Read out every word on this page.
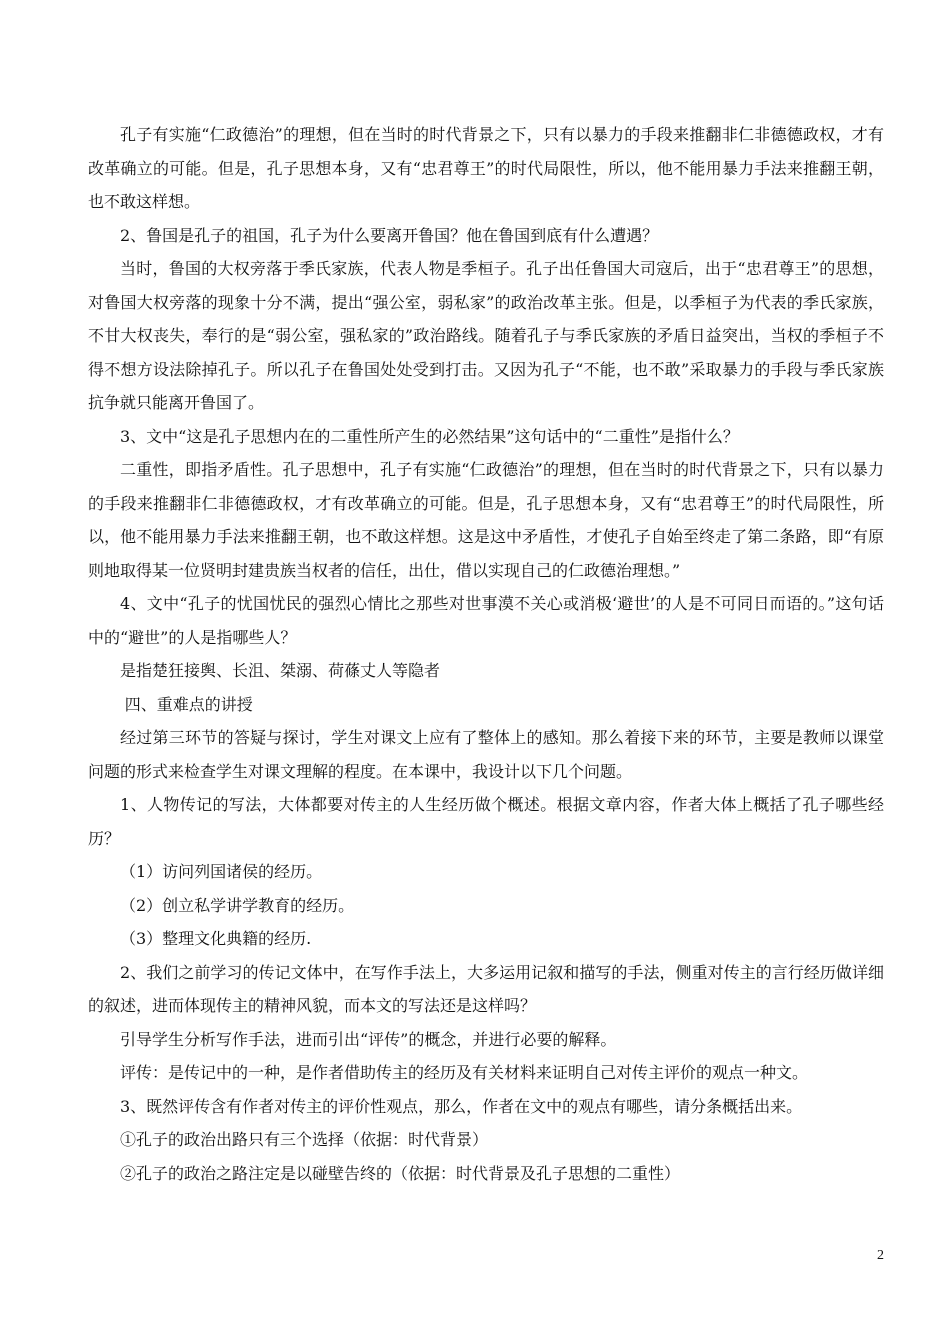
孔子有实施“仁政德治”的理想，但在当时的时代背景之下，只有以暴力的手段来推翻非仁非德德政权，才有改革确立的可能。但是，孔子思想本身，又有“忠君尊王”的时代局限性，所以，他不能用暴力手法来推翻王朝，也不敢这样想。

2、鲁国是孔子的祖国，孔子为什么要离开鲁国？他在鲁国到底有什么遭遇？

当时，鲁国的大权旁落于季氏家族，代表人物是季桓子。孔子出任鲁国大司寇后，出于“忠君尊王”的思想，对鲁国大权旁落的现象十分不满，提出“强公室，弱私家”的政治改革主张。但是，以季桓子为代表的季氏家族，不甘大权丧失，奉行的是“弱公室，强私家的”政治路线。随着孔子与季氏家族的矛盾日益突出，当权的季桓子不得不想方设法除掉孔子。所以孔子在鲁国处处受到打击。又因为孔子“不能，也不敢”采取暴力的手段与季氏家族抗争就只能离开鲁国了。

3、文中“这是孔子思想内在的二重性所产生的必然结果”这句话中的“二重性”是指什么？

二重性，即指矛盾性。孔子思想中，孔子有实施“仁政德治”的理想，但在当时的时代背景之下，只有以暴力的手段来推翻非仁非德德政权，才有改革确立的可能。但是，孔子思想本身，又有“忠君尊王”的时代局限性，所以，他不能用暴力手法来推翻王朝，也不敢这样想。这是这中矛盾性，才使孔子自始至终走了第二条路，即“有原则地取得某一位贤明封建贵族当权者的信任，出仕，借以实现自己的仁政德治理想。”

4、文中“孔子的忧国忧民的强烈心情比之那些对世事漠不关心或消极‘避世’的人是不可同日而语的。”这句话中的“避世”的人是指哪些人？

是指楚狂接舆、长沮、桀溺、荷蓧丈人等隐者

四、重难点的讲授

经过第三环节的答疑与探讨，学生对课文上应有了整体上的感知。那么着接下来的环节，主要是教师以课堂问题的形式来检查学生对课文理解的程度。在本课中，我设计以下几个问题。

1、人物传记的写法，大体都要对传主的人生经历做个概述。根据文章内容，作者大体上概括了孔子哪些经历？

（1）访问列国诸侯的经历。

（2）创立私学讲学教育的经历。

（3）整理文化典籍的经历.

2、我们之前学习的传记文体中，在写作手法上，大多运用记叙和描写的手法，侧重对传主的言行经历做详细的叙述，进而体现传主的精神风貌，而本文的写法还是这样吗？

引导学生分析写作手法，进而引出“评传”的概念，并进行必要的解释。

评传：是传记中的一种，是作者借助传主的经历及有关材料来证明自己对传主评价的观点一种文。

3、既然评传含有作者对传主的评价性观点，那么，作者在文中的观点有哪些，请分条概括出来。

①孔子的政治出路只有三个选择（依据：时代背景）

②孔子的政治之路注定是以碰壁告终的（依据：时代背景及孔子思想的二重性）

2
